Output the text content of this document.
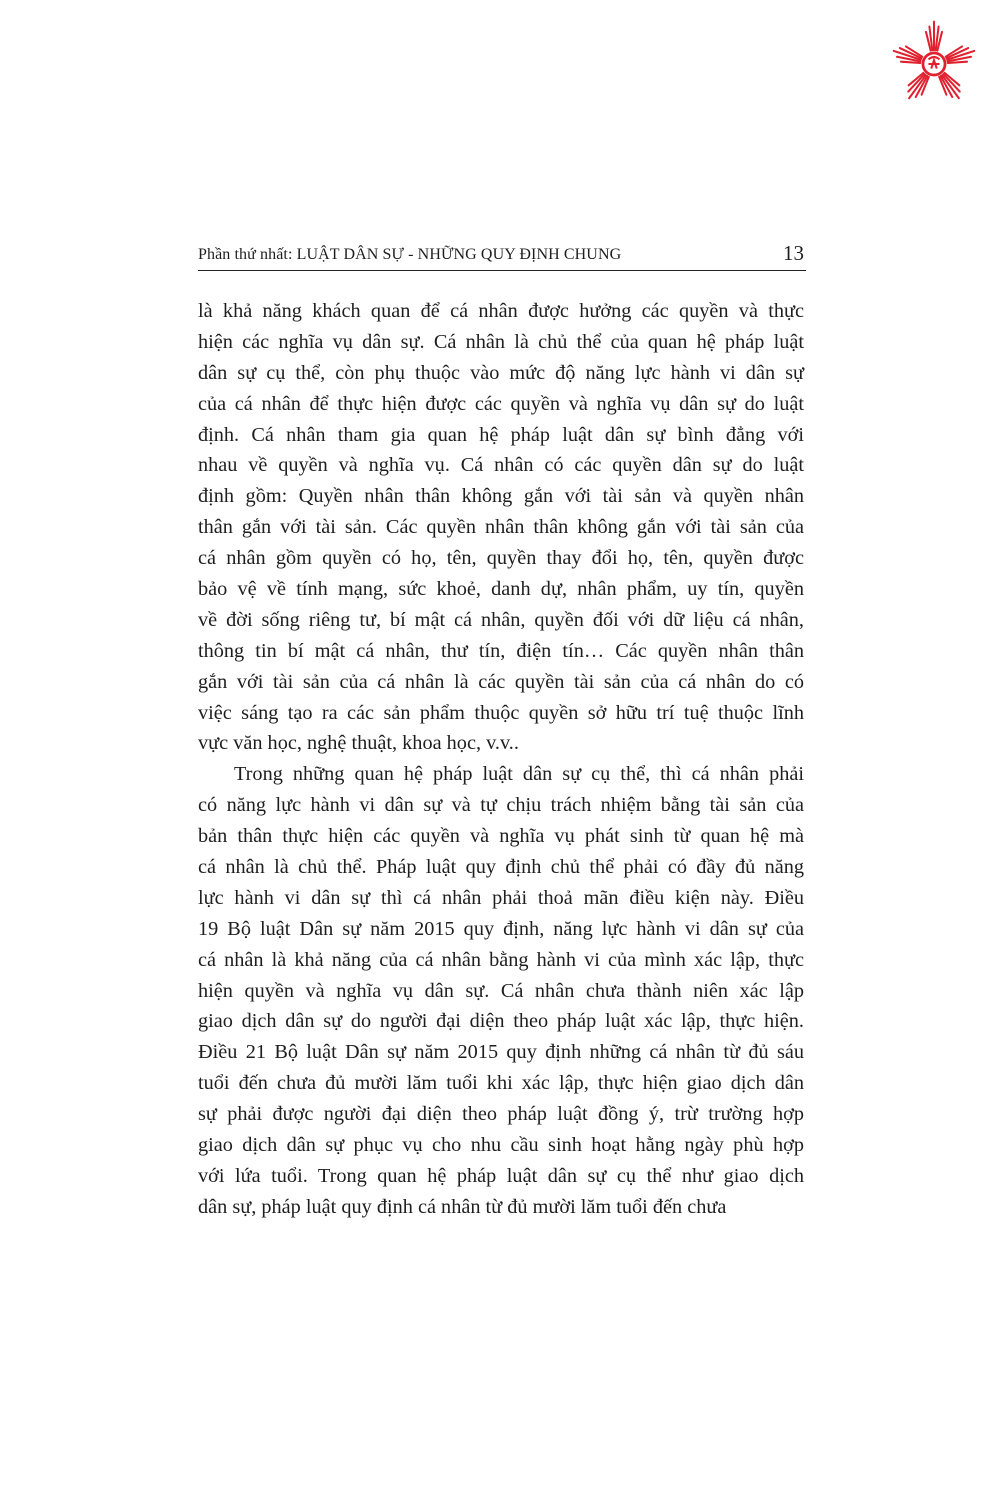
Phần thứ nhất: LUẬT DÂN SỰ - NHỮNG QUY ĐỊNH CHUNG	13
là khả năng khách quan để cá nhân được hưởng các quyền và thực
hiện các nghĩa vụ dân sự. Cá nhân là chủ thể của quan hệ pháp luật
dân sự cụ thể, còn phụ thuộc vào mức độ năng lực hành vi dân sự
của cá nhân để thực hiện được các quyền và nghĩa vụ dân sự do luật
định. Cá nhân tham gia quan hệ pháp luật dân sự bình đẳng với
nhau về quyền và nghĩa vụ. Cá nhân có các quyền dân sự do luật
định gồm: Quyền nhân thân không gắn với tài sản và quyền nhân
thân gắn với tài sản. Các quyền nhân thân không gắn với tài sản của
cá nhân gồm quyền có họ, tên, quyền thay đổi họ, tên, quyền được
bảo vệ về tính mạng, sức khoẻ, danh dự, nhân phẩm, uy tín, quyền
về đời sống riêng tư, bí mật cá nhân, quyền đối với dữ liệu cá nhân,
thông tin bí mật cá nhân, thư tín, điện tín… Các quyền nhân thân
gắn với tài sản của cá nhân là các quyền tài sản của cá nhân do có
việc sáng tạo ra các sản phẩm thuộc quyền sở hữu trí tuệ thuộc lĩnh
vực văn học, nghệ thuật, khoa học, v.v..
Trong những quan hệ pháp luật dân sự cụ thể, thì cá nhân phải
có năng lực hành vi dân sự và tự chịu trách nhiệm bằng tài sản của
bản thân thực hiện các quyền và nghĩa vụ phát sinh từ quan hệ mà
cá nhân là chủ thể. Pháp luật quy định chủ thể phải có đầy đủ năng
lực hành vi dân sự thì cá nhân phải thoả mãn điều kiện này. Điều
19 Bộ luật Dân sự năm 2015 quy định, năng lực hành vi dân sự của
cá nhân là khả năng của cá nhân bằng hành vi của mình xác lập, thực
hiện quyền và nghĩa vụ dân sự. Cá nhân chưa thành niên xác lập
giao dịch dân sự do người đại diện theo pháp luật xác lập, thực hiện.
Điều 21 Bộ luật Dân sự năm 2015 quy định những cá nhân từ đủ sáu
tuổi đến chưa đủ mười lăm tuổi khi xác lập, thực hiện giao dịch dân
sự phải được người đại diện theo pháp luật đồng ý, trừ trường hợp
giao dịch dân sự phục vụ cho nhu cầu sinh hoạt hằng ngày phù hợp
với lứa tuổi. Trong quan hệ pháp luật dân sự cụ thể như giao dịch
dân sự, pháp luật quy định cá nhân từ đủ mười lăm tuổi đến chưa
